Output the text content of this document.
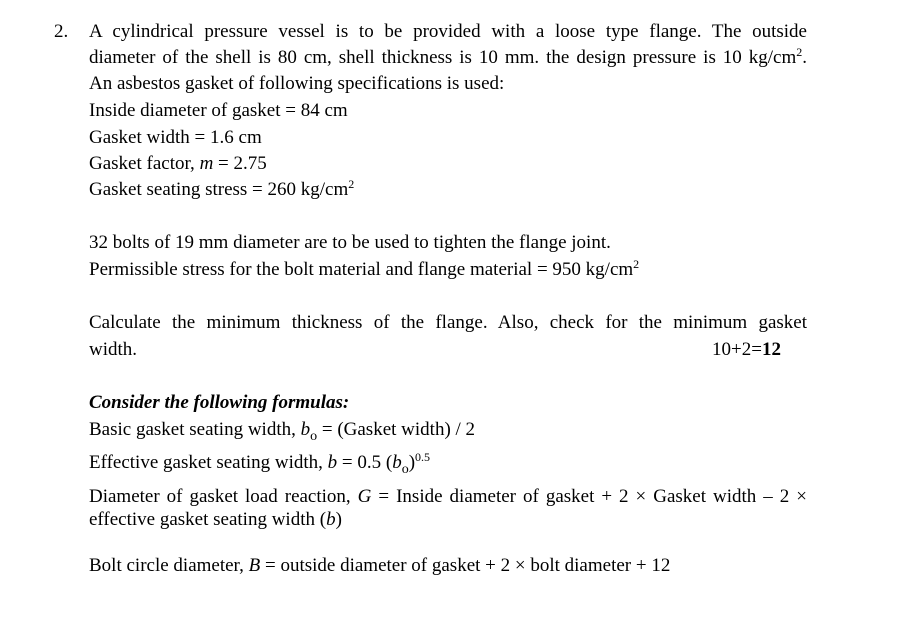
2. A cylindrical pressure vessel is to be provided with a loose type flange. The outside

diameter of the shell is 80 cm, shell thickness is 10 mm. the design pressure is 10 $kg/cm^2$.

An asbestos gasket of following specifications is used:

Inside diameter of gasket = 84 cm

Gasket width = 1.6 cm

Gasket factor, m = 2.75

Gasket seating stress = 260 $kg/cm^2$

32 bolts of 19 mm diameter are to be used to tighten the flange joint.

Permissible stress for the bolt material and flange material = 950 $kg/cm^2$

Calculate the minimum thickness of the flange. Also, check for the minimum gasket

width.	10+2=12

Consider the following formulas:

Basic gasket seating width, $b_o$ = (Gasket width) / 2

Effective gasket seating width, b = 0.5 $(b_o)^{0.5}$

Diameter of gasket load reaction, G = Inside diameter of gasket + 2 × Gasket width – 2 ×

effective gasket seating width (b)

Bolt circle diameter, B = outside diameter of gasket + 2 × bolt diameter + 12
